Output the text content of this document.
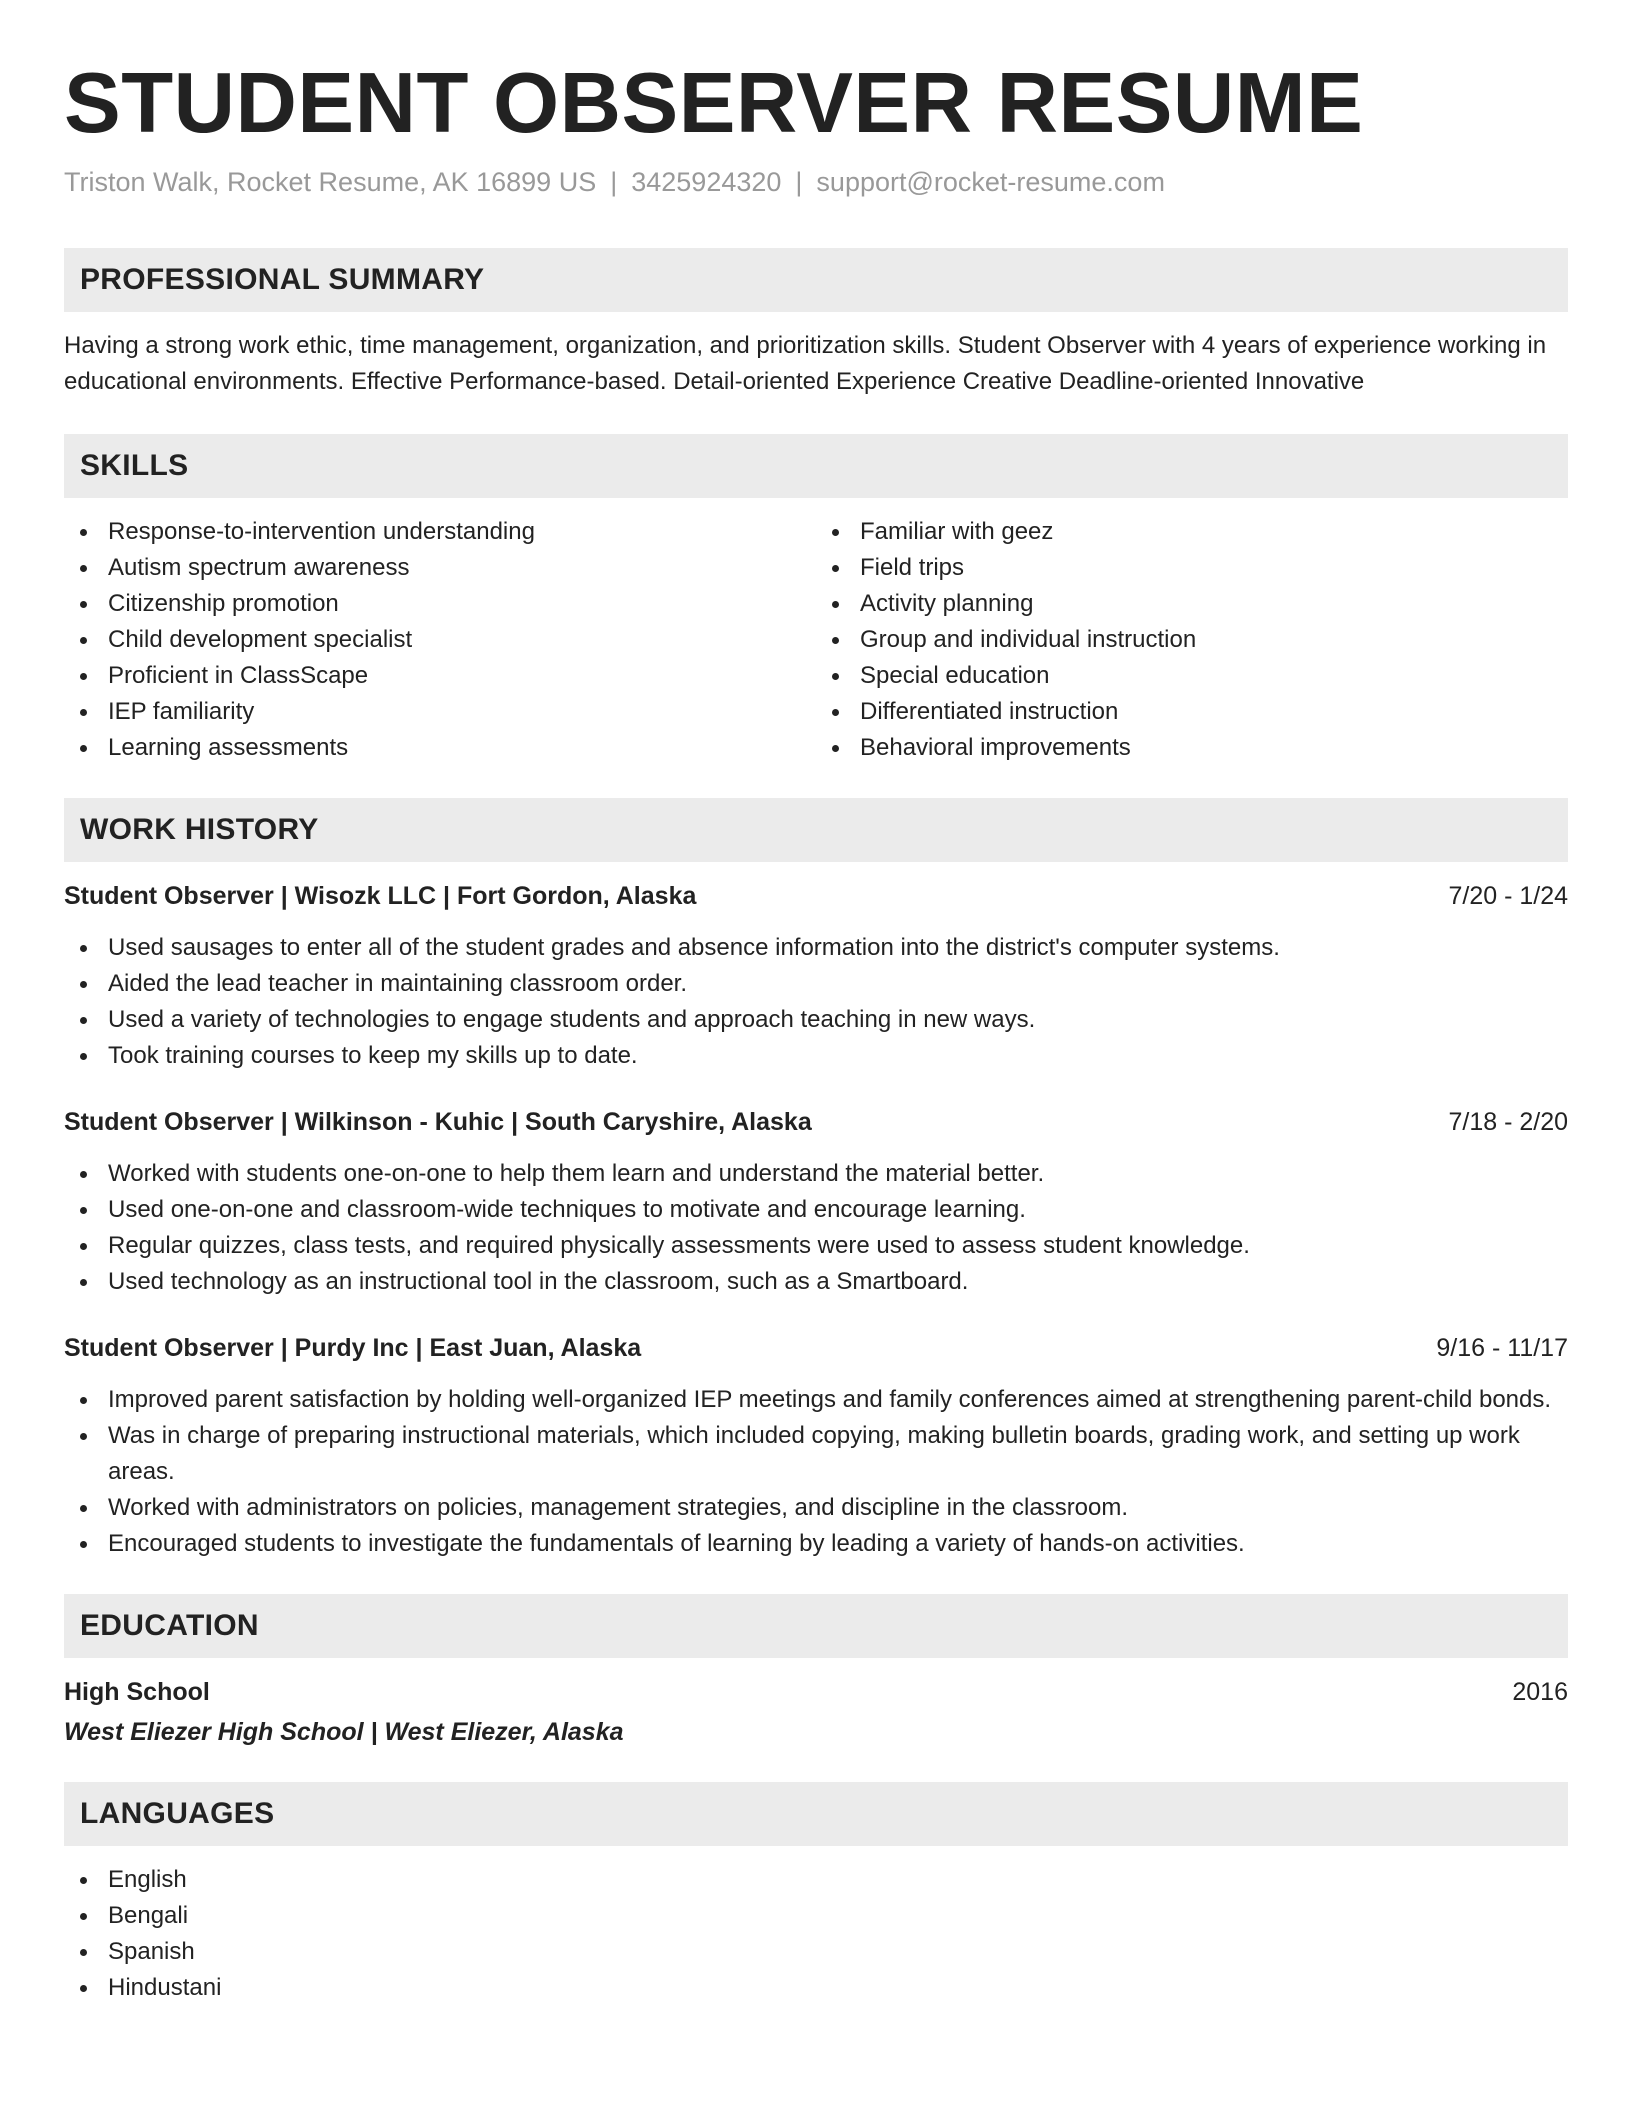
STUDENT OBSERVER RESUME
Triston Walk, Rocket Resume, AK 16899 US | 3425924320 | support@rocket-resume.com
PROFESSIONAL SUMMARY

Having a strong work ethic, time management, organization, and prioritization skills. Student Observer with 4 years of experience working in educational environments. Effective Performance-based. Detail-oriented Experience Creative Deadline-oriented Innovative

SKILLS
Response-to-intervention understanding
Autism spectrum awareness
Citizenship promotion
Child development specialist
Proficient in ClassScape
IEP familiarity
Learning assessments
Familiar with geez
Field trips
Activity planning
Group and individual instruction
Special education
Differentiated instruction
Behavioral improvements
WORK HISTORY
Student Observer | Wisozk LLC | Fort Gordon, Alaska	7/20 - 1/24
Used sausages to enter all of the student grades and absence information into the district's computer systems.
Aided the lead teacher in maintaining classroom order.
Used a variety of technologies to engage students and approach teaching in new ways.
Took training courses to keep my skills up to date.
Student Observer | Wilkinson - Kuhic | South Caryshire, Alaska	7/18 - 2/20
Worked with students one-on-one to help them learn and understand the material better.
Used one-on-one and classroom-wide techniques to motivate and encourage learning.
Regular quizzes, class tests, and required physically assessments were used to assess student knowledge.
Used technology as an instructional tool in the classroom, such as a Smartboard.
Student Observer | Purdy Inc | East Juan, Alaska	9/16 - 11/17
Improved parent satisfaction by holding well-organized IEP meetings and family conferences aimed at strengthening parent-child bonds.
Was in charge of preparing instructional materials, which included copying, making bulletin boards, grading work, and setting up work areas.
Worked with administrators on policies, management strategies, and discipline in the classroom.
Encouraged students to investigate the fundamentals of learning by leading a variety of hands-on activities.
EDUCATION
High School	2016
West Eliezer High School | West Eliezer, Alaska
LANGUAGES
English
Bengali
Spanish
Hindustani
